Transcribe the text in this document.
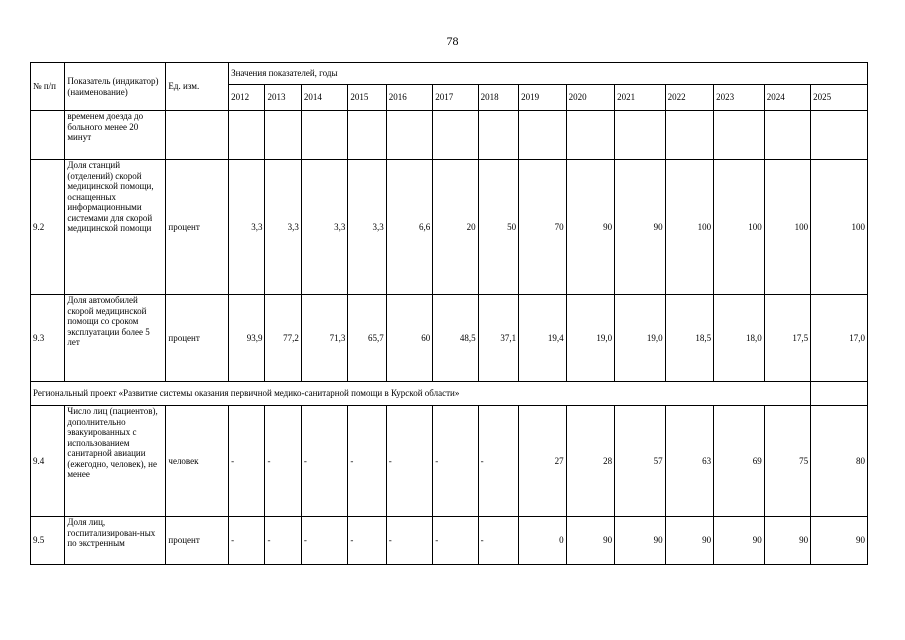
78
№ п/п	Показатель (индикатор) (наименование)	Ед. изм.	Значения показателей, годы													
			2012	2013	2014	2015	2016	2017	2018	2019	2020	2021	2022	2023	2024	2025
	временем доезда до больного менее 20 минут															
9.2	Доля станций (отделений) скорой медицинской помощи, оснащенных информационными системами для скорой медицинской помощи	процент	3,3	3,3	3,3	3,3	6,6	20	50	70	90	90	100	100	100	100
9.3	Доля автомобилей скорой медицинской помощи со сроком эксплуатации более 5 лет	процент	93,9	77,2	71,3	65,7	60	48,5	37,1	19,4	19,0	19,0	18,5	18,0	17,5	17,0
Региональный проект «Развитие системы оказания первичной медико-санитарной помощи в Курской области»																
9.4	Число лиц (пациентов), дополнительно эвакуированных с использованием санитарной авиации (ежегодно, человек), не менее	человек	-	-	-	-	-	-	-	27	28	57	63	69	75	80
9.5	Доля лиц, госпитализирован-ных по экстренным	процент	-	-	-	-	-	-	-	0	90	90	90	90	90	90
